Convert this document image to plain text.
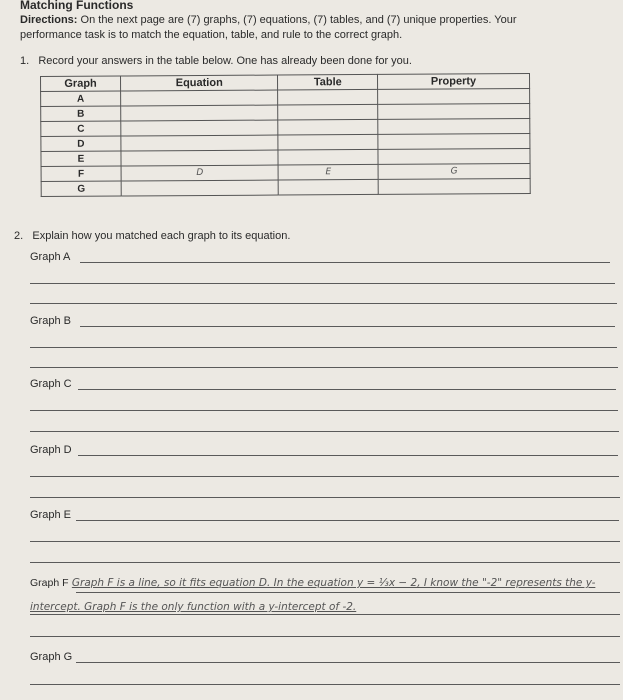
Matching Functions
Directions: On the next page are (7) graphs, (7) equations, (7) tables, and (7) unique properties. Your performance task is to match the equation, table, and rule to the correct graph.
1. Record your answers in the table below. One has already been done for you.
Graph	Equation	Table	Property
A			
B			
C			
D			
E			
F	D	E	G
G			
2. Explain how you matched each graph to its equation.
Graph A
Graph B
Graph C
Graph D
Graph E
Graph F Graph F is a line, so it fits equation D. In the equation y = ⅓x − 2, I know the "-2" represents the y-
intercept. Graph F is the only function with a y-intercept of -2.
Graph G
